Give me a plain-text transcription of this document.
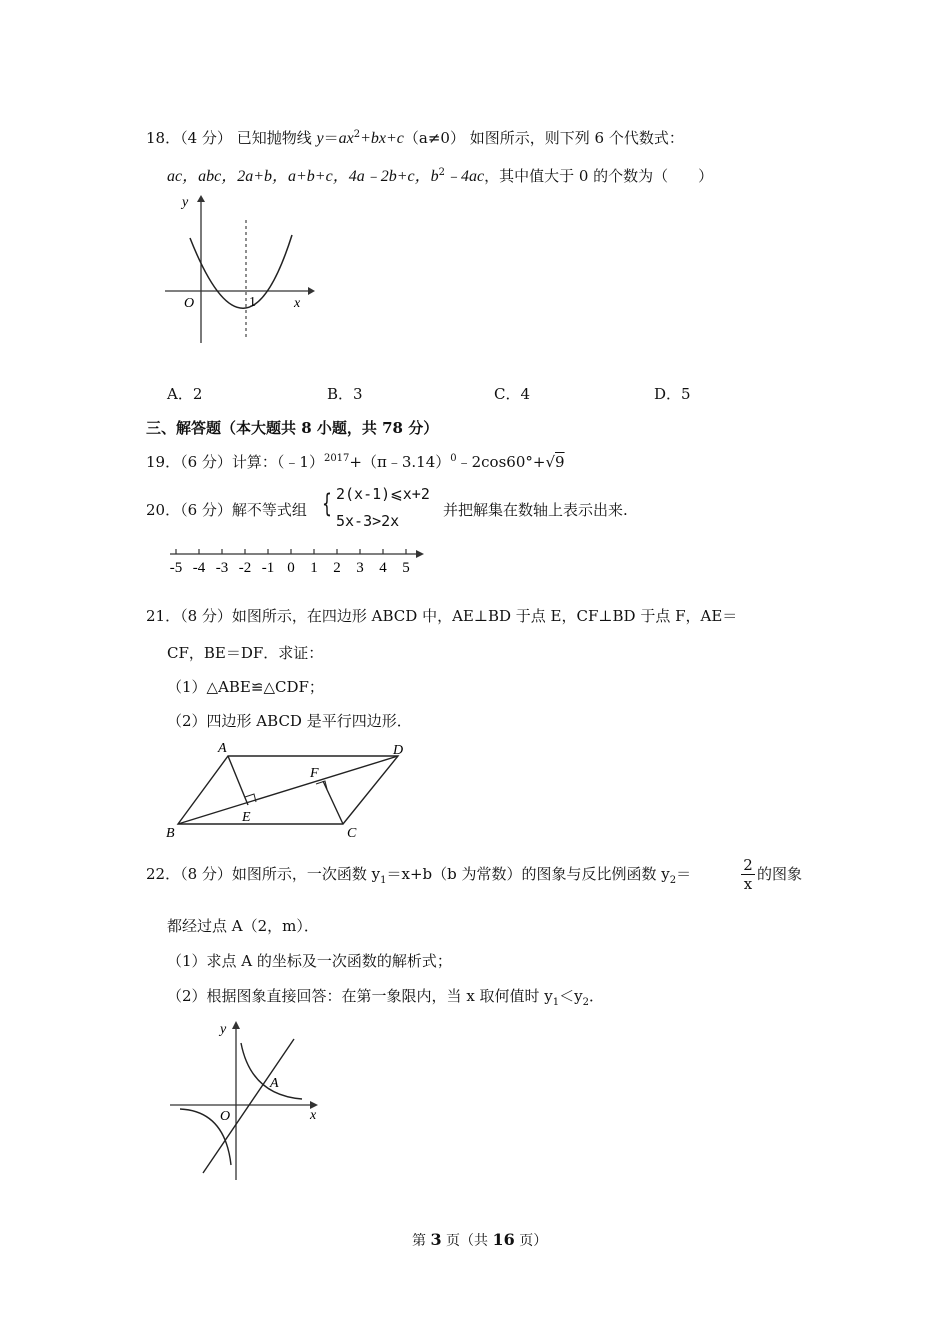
18．（4 分） 已知抛物线 $y=ax^2+bx+c(a\ne 0)$ 如图所示，则下列 6 个代数式：
ac，abc，2a+b，a+b+c，4a﹣2b+c，$b^2﹣4ac$，其中值大于 0 的个数为（　　）
y
x
O	1
A．2	B．3	C．4	D．5
三、解答题（本大题共 8 小题，共 78 分）
19．（6 分）计算：（﹣1）$^{2017}$+（π﹣3.14）$^0$﹣2cos60°+√9
20．（6 分）解不等式组 { 2(x-1)⩽x+2
5x-3>2x
并把解集在数轴上表示出来.
-5 -4 -3 -2 -1 0 1 2 3 4 5
21．（8 分）如图所示，在四边形 ABCD 中，AE⊥BD 于点 E，CF⊥BD 于点 F，AE＝
CF，BE＝DF．求证：
（1）△ABE≌△CDF；
（2）四边形 ABCD 是平行四边形．
A	D
B	C
E
F
22．（8 分）如图所示，一次函数 $y_1=x+b(b$ 为常数）的图象与反比例函数 $y_2=$	$\frac{2}{x}$ 的图象
都经过点 A（2，m）．
（1）求点 A 的坐标及一次函数的解析式；
（2）根据图象直接回答：在第一象限内，当 x 取何值时 $y_1<y_2$．
y
x
O
A
第 3 页（共 16 页）
